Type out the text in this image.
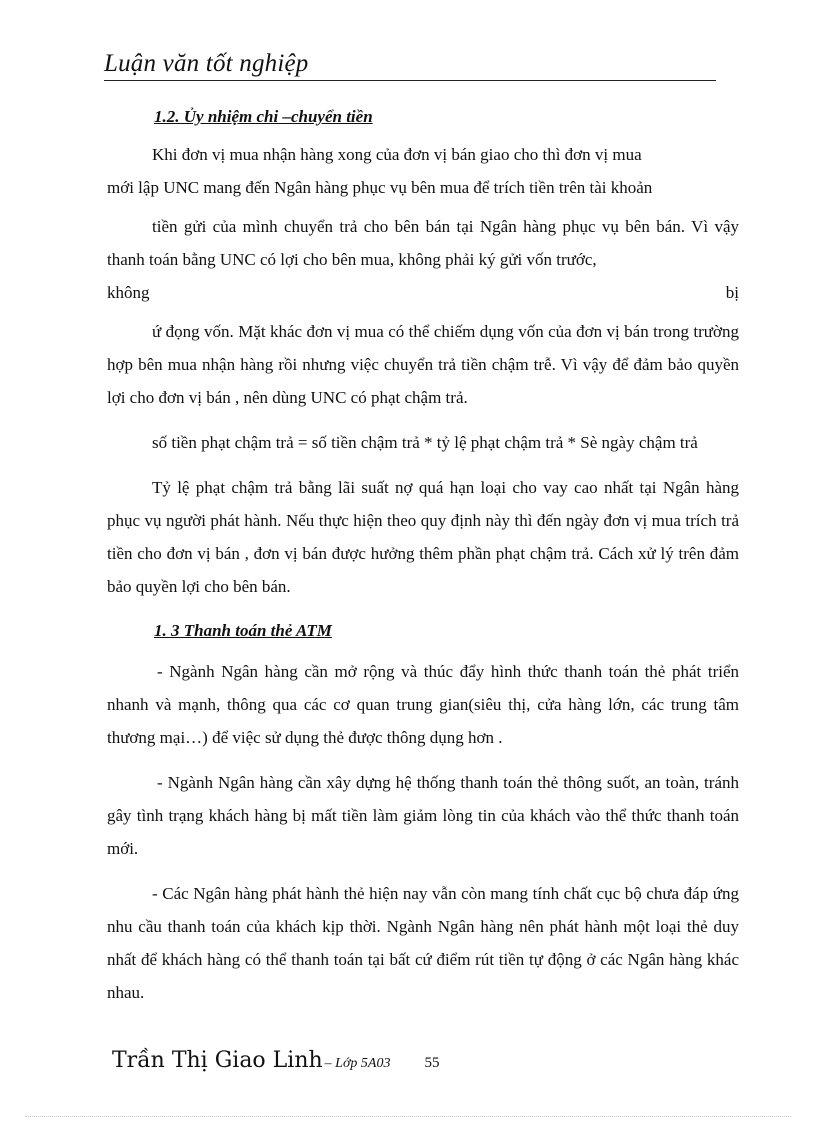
Luận văn tốt nghiệp
1.2. Ủy nhiệm chi –chuyển tiền

Khi đơn vị mua nhận hàng xong của đơn vị bán giao cho thì đơn vị mua

mới lập UNC mang đến Ngân hàng phục vụ bên mua để trích tiền trên tài khoản

tiền gửi của mình chuyển trả cho bên bán tại Ngân hàng phục vụ bên bán. Vì vậy thanh toán bằng UNC có lợi cho bên mua, không phải ký gửi vốn trước,

không	bị

ứ đọng vốn. Mặt khác đơn vị mua có thể chiếm dụng vốn của đơn vị bán trong trường hợp bên mua nhận hàng rồi nhưng việc chuyển trả tiền chậm trễ. Vì vậy để đảm bảo quyền lợi cho đơn vị bán , nên dùng UNC có phạt chậm trả.

số tiền phạt chậm trả = số tiền chậm trả * tỷ lệ phạt chậm trả * Sè ngày chậm trả

Tỷ lệ phạt chậm trả bằng lãi suất nợ quá hạn loại cho vay cao nhất tại Ngân hàng phục vụ người phát hành. Nếu thực hiện theo quy định này thì đến ngày đơn vị mua trích trả tiền cho đơn vị bán , đơn vị bán được hưởng thêm phần phạt chậm trả. Cách xử lý trên đảm bảo quyền lợi cho bên bán.

1. 3 Thanh toán thẻ ATM

- Ngành Ngân hàng cần mở rộng và thúc đẩy hình thức thanh toán thẻ phát triển nhanh và mạnh, thông qua các cơ quan trung gian(siêu thị, cửa hàng lớn, các trung tâm thương mại…) để việc sử dụng thẻ được thông dụng hơn .

- Ngành Ngân hàng cần xây dựng hệ thống thanh toán thẻ thông suốt, an toàn, tránh gây tình trạng khách hàng bị mất tiền làm giảm lòng tin của khách vào thể thức thanh toán mới.

- Các Ngân hàng phát hành thẻ hiện nay vẫn còn mang tính chất cục bộ chưa đáp ứng nhu cầu thanh toán của khách kịp thời. Ngành Ngân hàng nên phát hành một loại thẻ duy nhất để khách hàng có thể thanh toán tại bất cứ điểm rút tiền tự động ở các Ngân hàng khác nhau.

Trần Thị Giao Linh – Lớp 5A03 55
